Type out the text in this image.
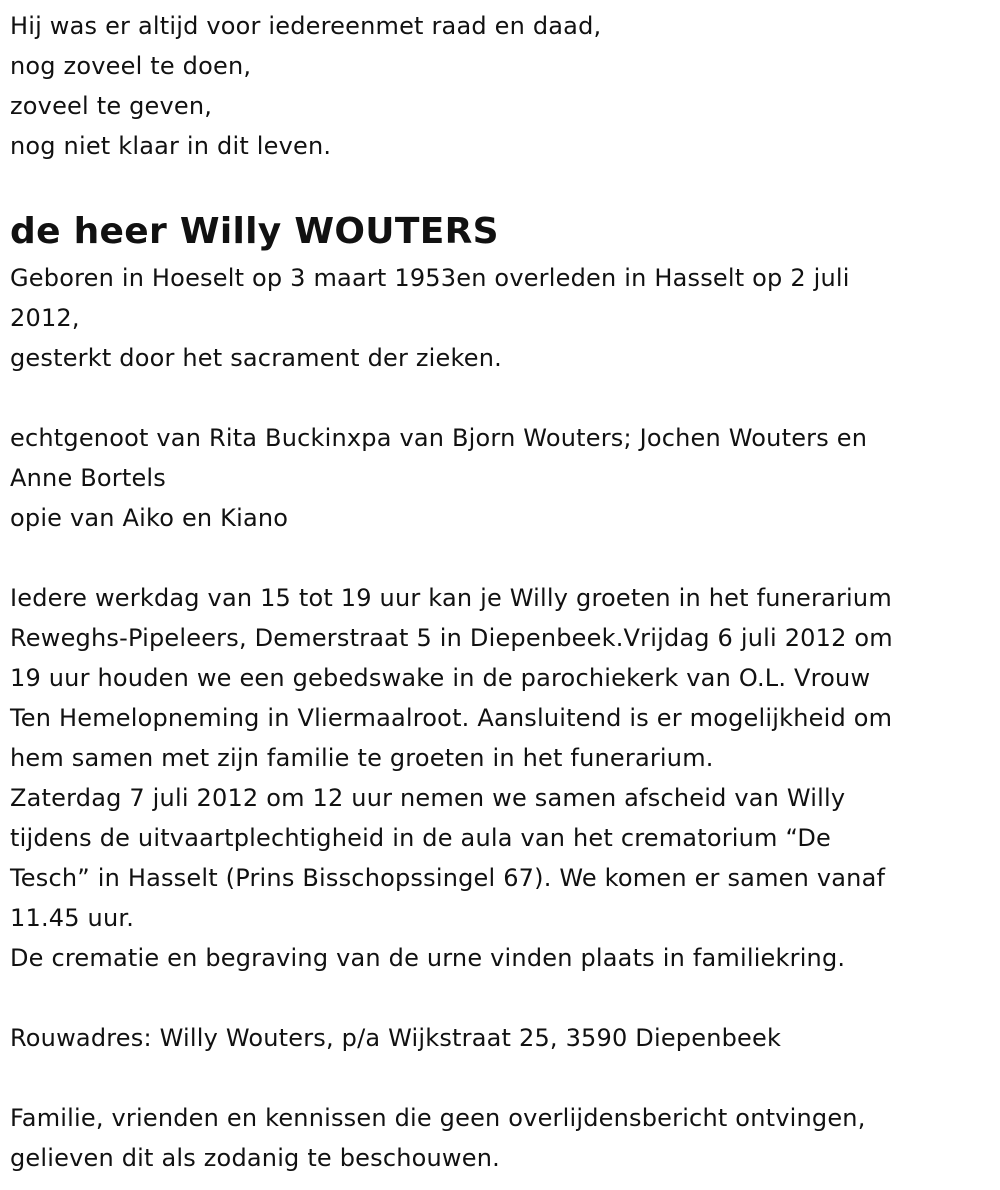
Hij was er altijd voor iedereenmet raad en daad,
nog zoveel te doen,
zoveel te geven,
nog niet klaar in dit leven.
de heer Willy WOUTERS
Geboren in Hoeselt op 3 maart 1953en overleden in Hasselt op 2 juli
2012,
gesterkt door het sacrament der zieken.
echtgenoot van Rita Buckinxpa van Bjorn Wouters; Jochen Wouters en
Anne Bortels
opie van Aiko en Kiano
Iedere werkdag van 15 tot 19 uur kan je Willy groeten in het funerarium
Reweghs-Pipeleers, Demerstraat 5 in Diepenbeek.Vrijdag 6 juli 2012 om
19 uur houden we een gebedswake in de parochiekerk van O.L. Vrouw
Ten Hemelopneming in Vliermaalroot. Aansluitend is er mogelijkheid om
hem samen met zijn familie te groeten in het funerarium.
Zaterdag 7 juli 2012 om 12 uur nemen we samen afscheid van Willy
tijdens de uitvaartplechtigheid in de aula van het crematorium “De
Tesch” in Hasselt (Prins Bisschopssingel 67). We komen er samen vanaf
11.45 uur.
De crematie en begraving van de urne vinden plaats in familiekring.
Rouwadres: Willy Wouters, p/a Wijkstraat 25, 3590 Diepenbeek
Familie, vrienden en kennissen die geen overlijdensbericht ontvingen,
gelieven dit als zodanig te beschouwen.
